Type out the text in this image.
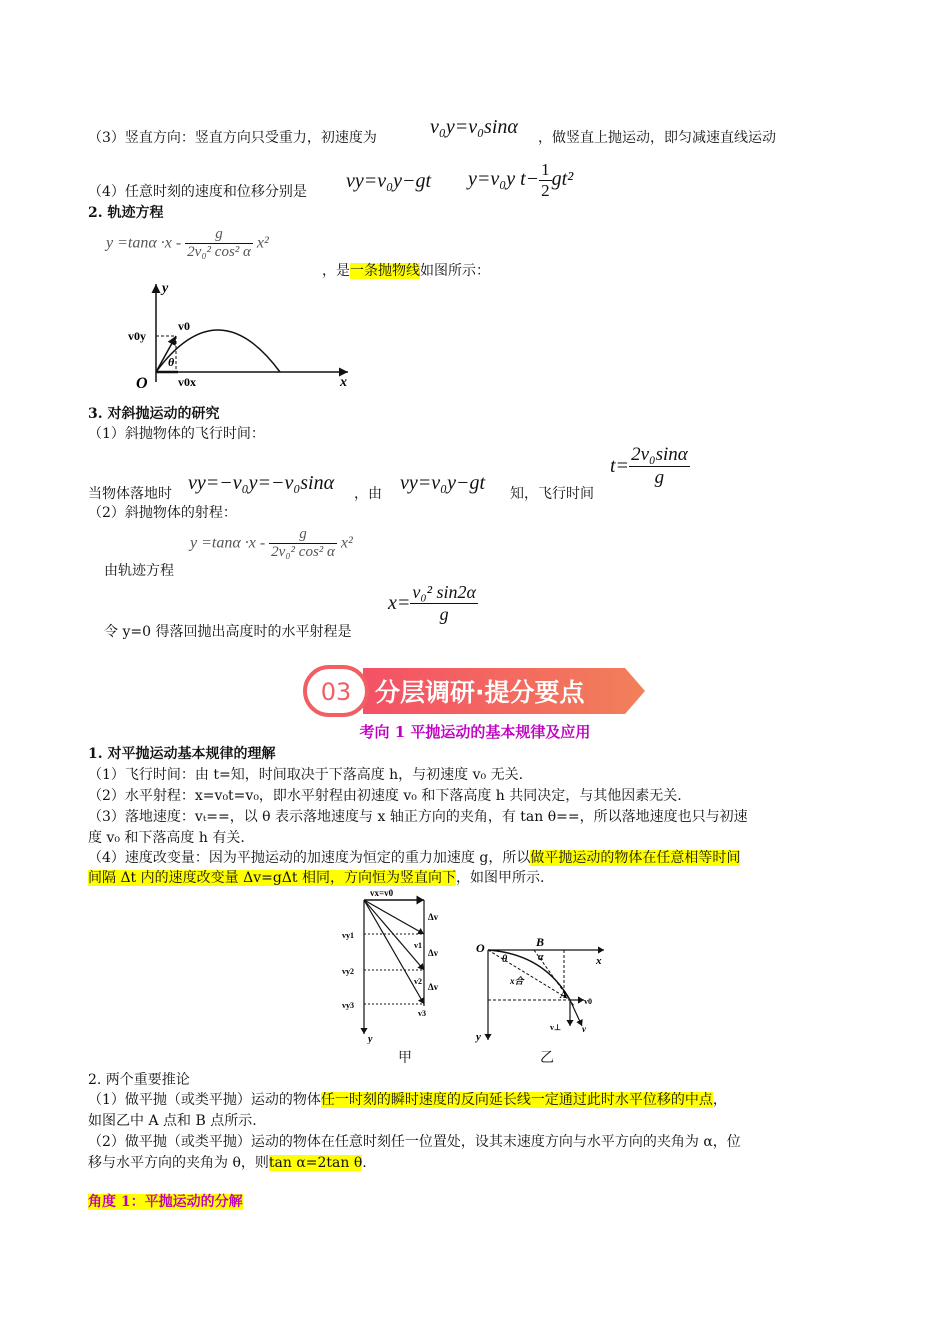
（3）竖直方向：竖直方向只受重力，初速度为	v₀y=v₀sinα ，做竖直上抛运动，即匀减速直线运动
（4）任意时刻的速度和位移分别是 vy=v₀y−gt y=v₀y $t- \frac{1}{2} gt^2$
2. 轨迹方程
$y =\tan\alpha \cdot x - \frac{g}{\text{2v₀² cos² α}} x^2$
，是一条抛物线如图所示：
y
x
O
v0
v0y
v0x
θ
3. 对斜抛运动的研究
（1）斜抛物体的飞行时间：
当物体落地时 vy=−v₀y=−v₀sinα ，由 vy=v₀y−gt 知，飞行时间
$t= \frac{\text{2v₀sinα}}{g}$
（2）斜抛物体的射程：
$y =\tan\alpha \cdot x - \frac{g}{\text{2v₀² cos² α}} x^2$
由轨迹方程
令 y=0 得落回抛出高度时的水平射程是
$x= \frac{\text{v₀² sin2α}}{g}$
03 分层调研·提分要点
考向 1 平抛运动的基本规律及应用
1. 对平抛运动基本规律的理解
（1）飞行时间：由 t=知，时间取决于下落高度 h，与初速度 v₀ 无关.
（2）水平射程：x=v₀t=v₀，即水平射程由初速度 v₀ 和下落高度 h 共同决定，与其他因素无关.
（3）落地速度：vₜ==，以 θ 表示落地速度与 x 轴正方向的夹角，有 tan θ==，所以落地速度也只与初速
度 v₀ 和下落高度 h 有关.
（4）速度改变量：因为平抛运动的加速度为恒定的重力加速度 g，所以做平抛运动的物体在任意相等时间
间隔 Δt 内的速度改变量 Δv=gΔt 相同，方向恒为竖直向下，如图甲所示.
vx=v0
Δv
Δv
Δv
vy1
vy2
vy3
v1
v2
v3
y
甲
O	B
x
y
θ	α
x合
A
v0
v⊥ v
乙
2. 两个重要推论
（1）做平抛（或类平抛）运动的物体任一时刻的瞬时速度的反向延长线一定通过此时水平位移的中点，
如图乙中 A 点和 B 点所示.
（2）做平抛（或类平抛）运动的物体在任意时刻任一位置处，设其末速度方向与水平方向的夹角为 α，位
移与水平方向的夹角为 θ，则tan α=2tan θ.
角度 1：平抛运动的分解
